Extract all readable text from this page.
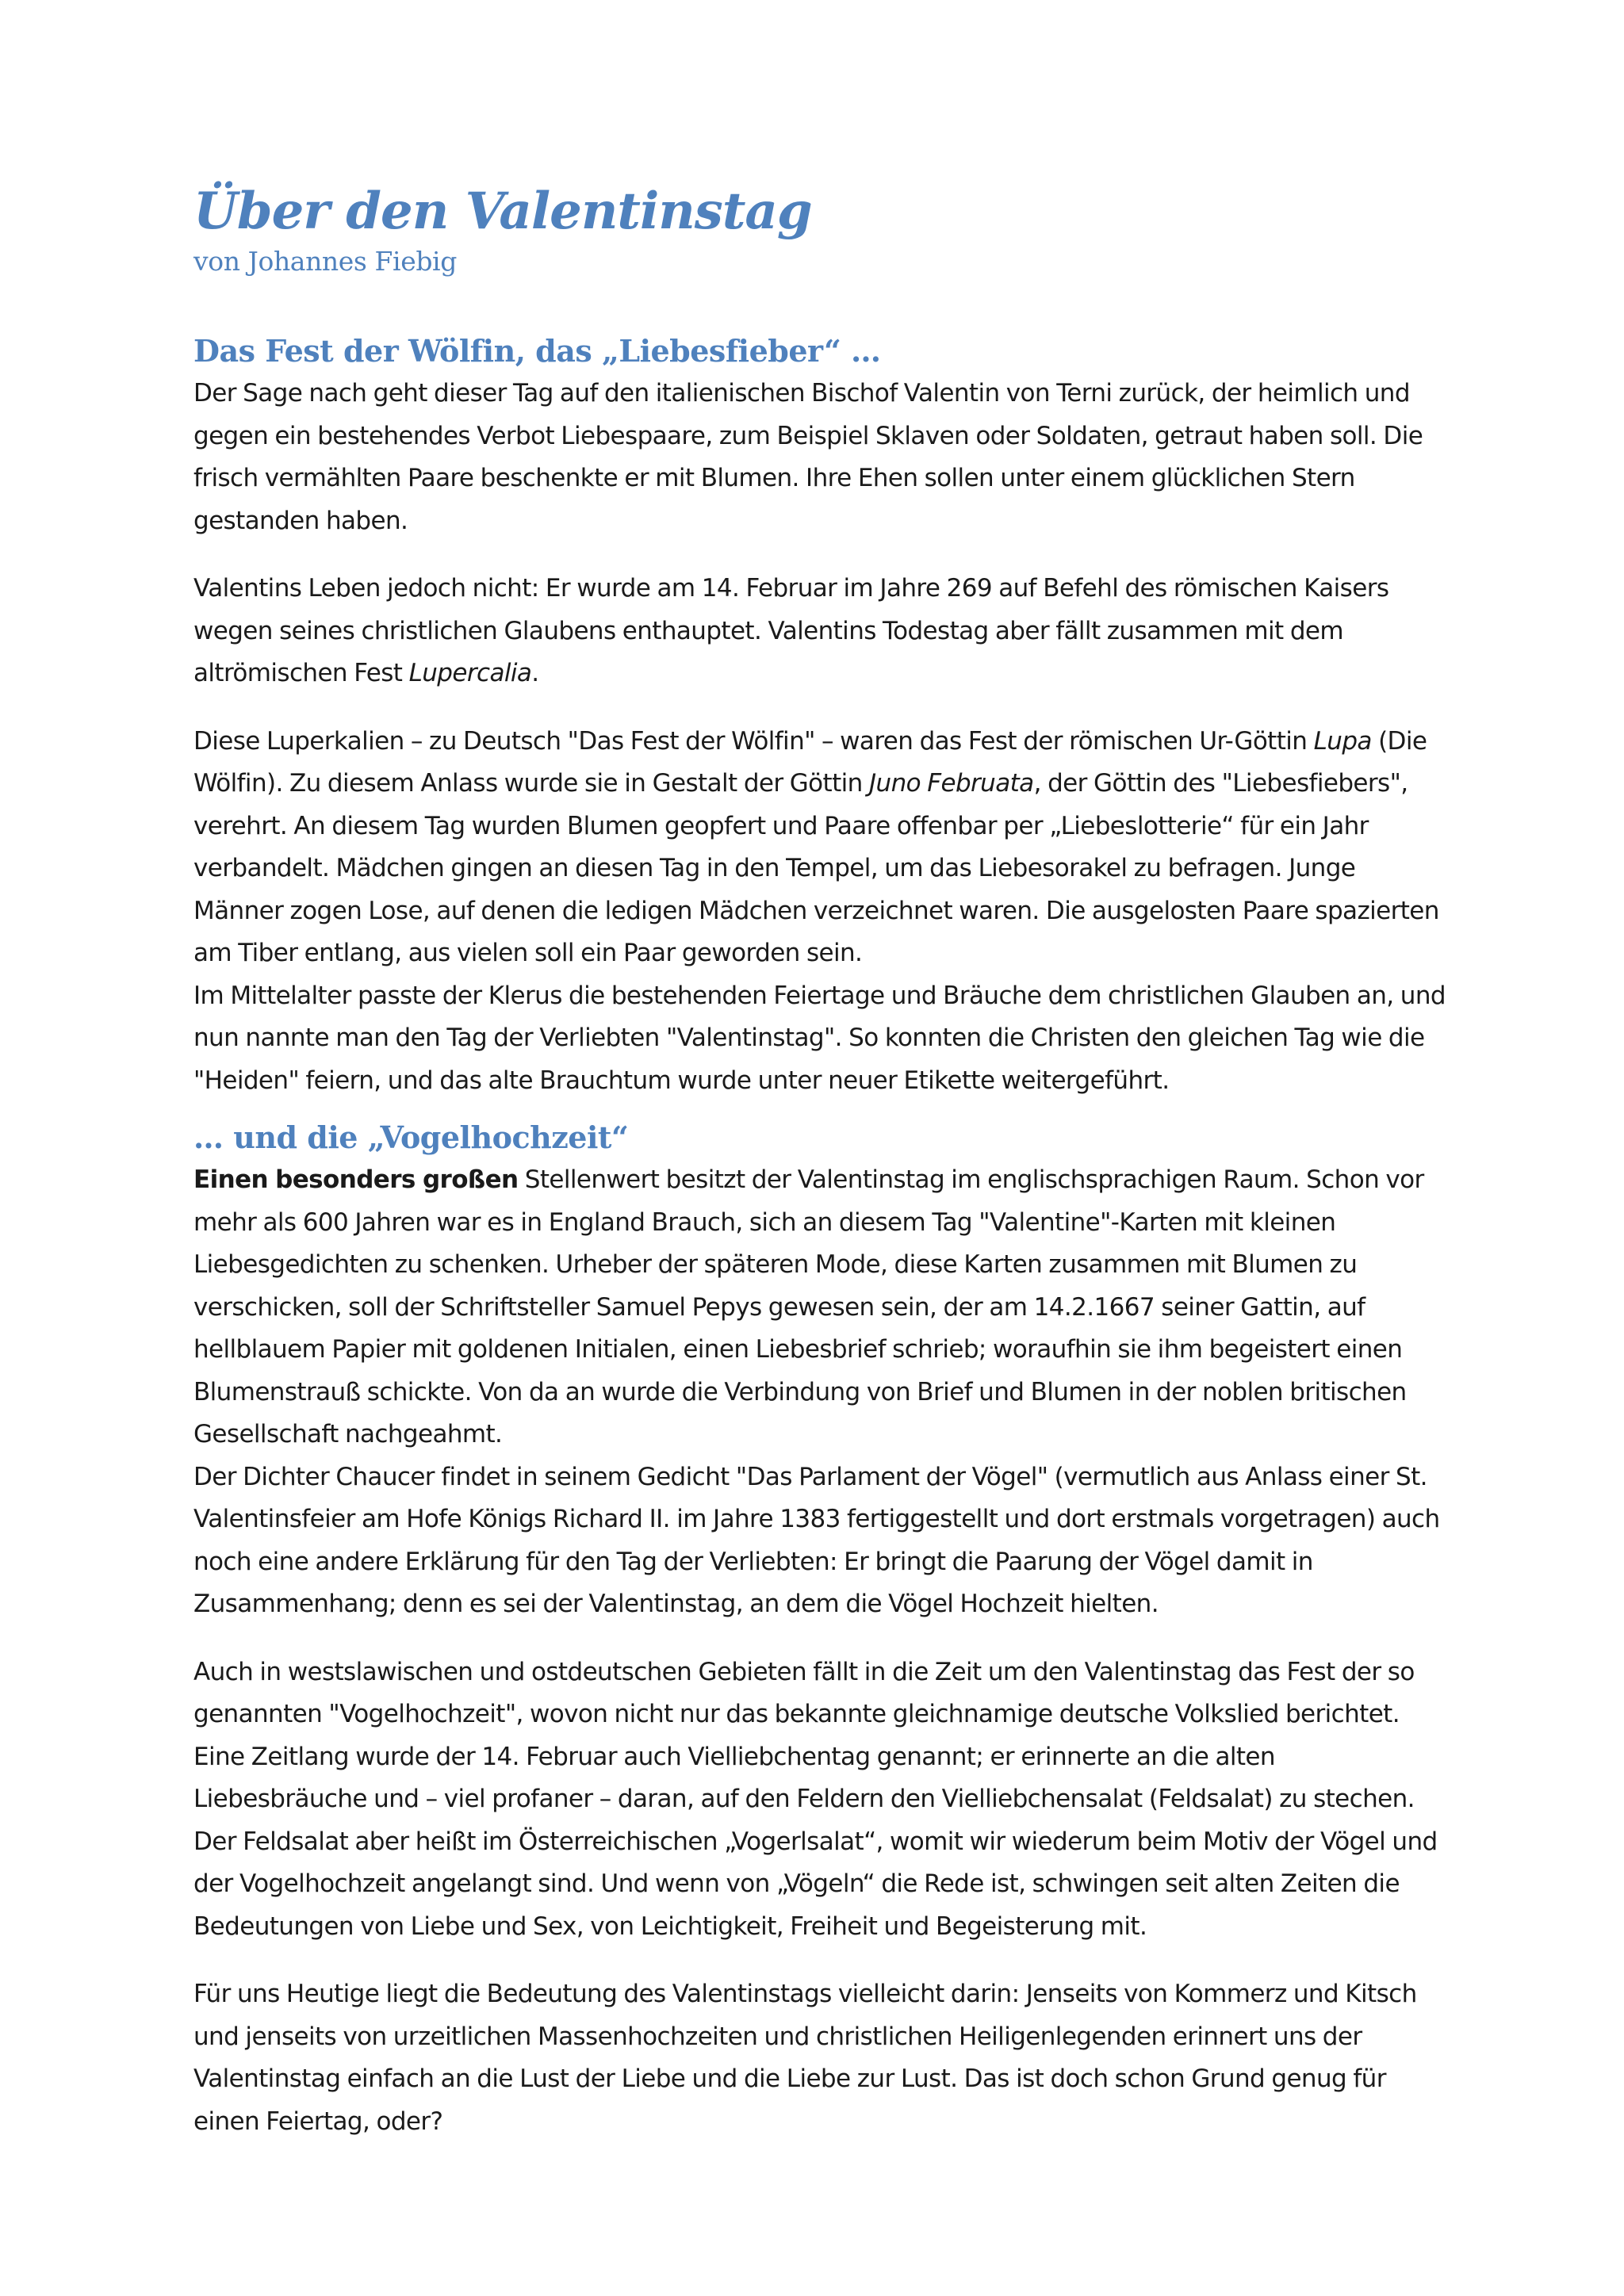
Über den Valentinstag
von Johannes Fiebig
Das Fest der Wölfin, das „Liebesfieber“ …

Der Sage nach geht dieser Tag auf den italienischen Bischof Valentin von Terni zurück, der heimlich und gegen ein bestehendes Verbot Liebespaare, zum Beispiel Sklaven oder Soldaten, getraut haben soll. Die frisch vermählten Paare beschenkte er mit Blumen. Ihre Ehen sollen unter einem glücklichen Stern gestanden haben.

Valentins Leben jedoch nicht: Er wurde am 14. Februar im Jahre 269 auf Befehl des römischen Kaisers wegen seines christlichen Glaubens enthauptet. Valentins Todestag aber fällt zusammen mit dem altrömischen Fest Lupercalia.

Diese Luperkalien – zu Deutsch "Das Fest der Wölfin" – waren das Fest der römischen Ur-Göttin Lupa (Die Wölfin). Zu diesem Anlass wurde sie in Gestalt der Göttin Juno Februata, der Göttin des "Liebesfiebers", verehrt. An diesem Tag wurden Blumen geopfert und Paare offenbar per „Liebeslotterie“ für ein Jahr verbandelt. Mädchen gingen an diesen Tag in den Tempel, um das Liebesorakel zu befragen. Junge Männer zogen Lose, auf denen die ledigen Mädchen verzeichnet waren. Die ausgelosten Paare spazierten am Tiber entlang, aus vielen soll ein Paar geworden sein.

Im Mittelalter passte der Klerus die bestehenden Feiertage und Bräuche dem christlichen Glauben an, und nun nannte man den Tag der Verliebten "Valentinstag". So konnten die Christen den gleichen Tag wie die "Heiden" feiern, und das alte Brauchtum wurde unter neuer Etikette weitergeführt.

… und die „Vogelhochzeit“

Einen besonders großen Stellenwert besitzt der Valentinstag im englischsprachigen Raum. Schon vor mehr als 600 Jahren war es in England Brauch, sich an diesem Tag "Valentine"-Karten mit kleinen Liebesgedichten zu schenken. Urheber der späteren Mode, diese Karten zusammen mit Blumen zu verschicken, soll der Schriftsteller Samuel Pepys gewesen sein, der am 14.2.1667 seiner Gattin, auf hellblauem Papier mit goldenen Initialen, einen Liebesbrief schrieb; woraufhin sie ihm begeistert einen Blumenstrauß schickte. Von da an wurde die Verbindung von Brief und Blumen in der noblen britischen Gesellschaft nachgeahmt.

Der Dichter Chaucer findet in seinem Gedicht "Das Parlament der Vögel" (vermutlich aus Anlass einer St. Valentinsfeier am Hofe Königs Richard II. im Jahre 1383 fertiggestellt und dort erstmals vorgetragen) auch noch eine andere Erklärung für den Tag der Verliebten: Er bringt die Paarung der Vögel damit in Zusammenhang; denn es sei der Valentinstag, an dem die Vögel Hochzeit hielten.

Auch in westslawischen und ostdeutschen Gebieten fällt in die Zeit um den Valentinstag das Fest der so genannten "Vogelhochzeit", wovon nicht nur das bekannte gleichnamige deutsche Volkslied berichtet. Eine Zeitlang wurde der 14. Februar auch Vielliebchentag genannt; er erinnerte an die alten Liebesbräuche und – viel profaner – daran, auf den Feldern den Vielliebchensalat (Feldsalat) zu stechen. Der Feldsalat aber heißt im Österreichischen „Vogerlsalat“, womit wir wiederum beim Motiv der Vögel und der Vogelhochzeit angelangt sind. Und wenn von „Vögeln“ die Rede ist, schwingen seit alten Zeiten die Bedeutungen von Liebe und Sex, von Leichtigkeit, Freiheit und Begeisterung mit.

Für uns Heutige liegt die Bedeutung des Valentinstags vielleicht darin: Jenseits von Kommerz und Kitsch und jenseits von urzeitlichen Massenhochzeiten und christlichen Heiligenlegenden erinnert uns der Valentinstag einfach an die Lust der Liebe und die Liebe zur Lust. Das ist doch schon Grund genug für einen Feiertag, oder?
